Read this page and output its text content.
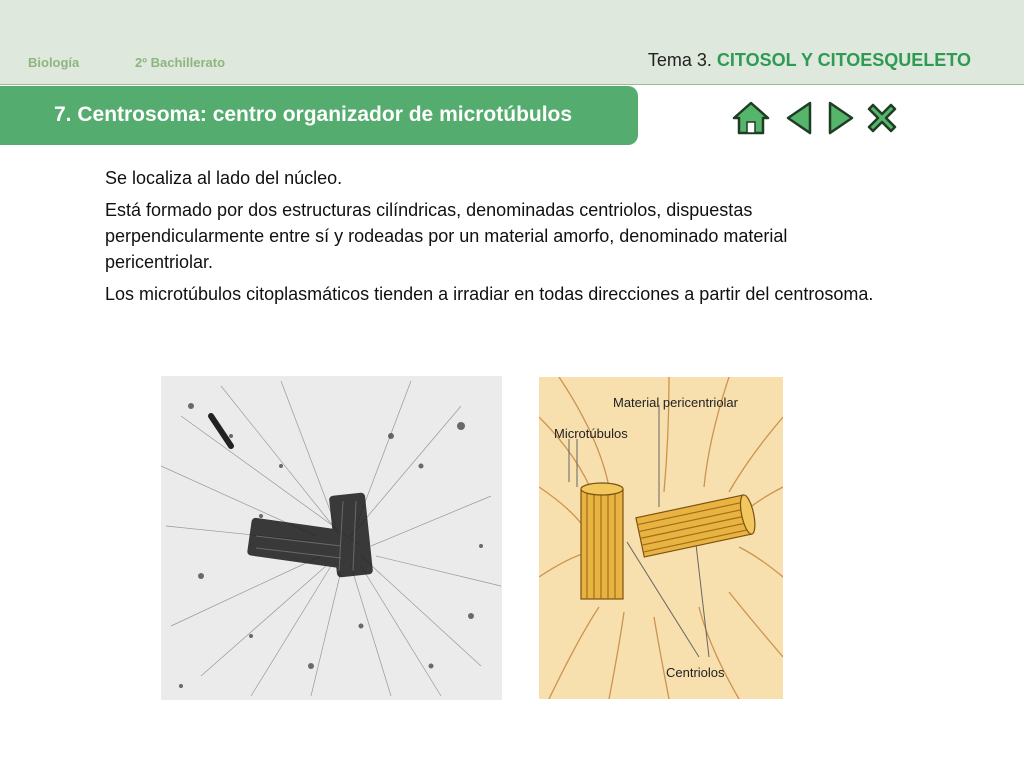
Biología	2º Bachillerato	Tema 3. CITOSOL Y CITOESQUELETO
7. Centrosoma: centro organizador de microtúbulos

Se localiza al lado del núcleo.

Está formado por dos estructuras cilíndricas, denominadas centriolos, dispuestas perpendicularmente entre sí y rodeadas por un material amorfo, denominado material pericentriolar.

Los microtúbulos citoplasmáticos tienden a irradiar en todas direcciones a partir del centrosoma.

Material pericentriolar
Microtúbulos
Centriolos
